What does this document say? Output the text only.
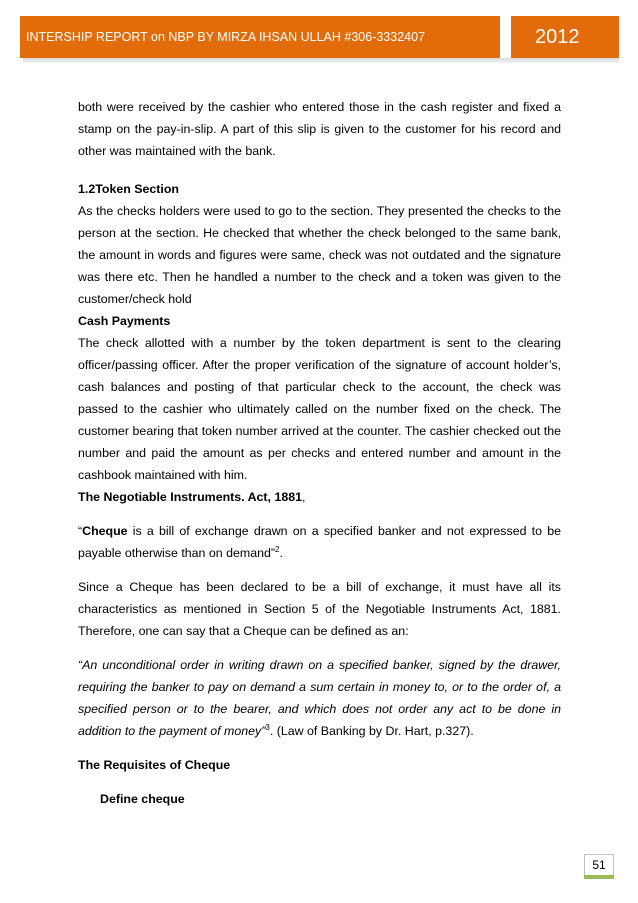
INTERSHIP REPORT on NBP BY MIRZA IHSAN ULLAH #306-3332407	2012

both were received by the cashier who entered those in the cash register and fixed a stamp on the pay-in-slip. A part of this slip is given to the customer for his record and other was maintained with the bank.

1.2Token Section

As the checks holders were used to go to the section. They presented the checks to the person at the section. He checked that whether the check belonged to the same bank, the amount in words and figures were same, check was not outdated and the signature was there etc. Then he handled a number to the check and a token was given to the customer/check hold

Cash Payments

The check allotted with a number by the token department is sent to the clearing officer/passing officer. After the proper verification of the signature of account holder’s, cash balances and posting of that particular check to the account, the check was passed to the cashier who ultimately called on the number fixed on the check. The customer bearing that token number arrived at the counter. The cashier checked out the number and paid the amount as per checks and entered number and amount in the cashbook maintained with him.

The Negotiable Instruments. Act, 1881,

“Cheque is a bill of exchange drawn on a specified banker and not expressed to be payable otherwise than on demand”$^2$.

Since a Cheque has been declared to be a bill of exchange, it must have all its characteristics as mentioned in Section 5 of the Negotiable Instruments Act, 1881. Therefore, one can say that a Cheque can be defined as an:

“An unconditional order in writing drawn on a specified banker, signed by the drawer, requiring the banker to pay on demand a sum certain in money to, or to the order of, a specified person or to the bearer, and which does not order any act to be done in addition to the payment of money”$^3$. (Law of Banking by Dr. Hart, p.327).

The Requisites of Cheque

Define cheque

51
